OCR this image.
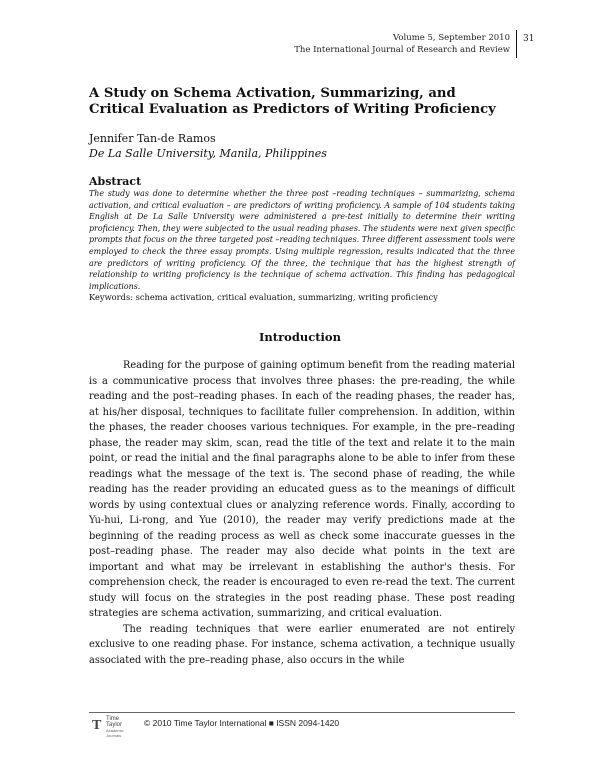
Volume 5, September 2010
The International Journal of Research and Review
31
A Study on Schema Activation, Summarizing, and Critical Evaluation as Predictors of Writing Proficiency
Jennifer Tan-de Ramos
De La Salle University, Manila, Philippines
Abstract

The study was done to determine whether the three post –reading techniques – summarizing, schema activation, and critical evaluation – are predictors of writing proficiency. A sample of 104 students taking English at De La Salle University were administered a pre-test initially to determine their writing proficiency. Then, they were subjected to the usual reading phases. The students were next given specific prompts that focus on the three targeted post –reading techniques. Three different assessment tools were employed to check the three essay prompts. Using multiple regression, results indicated that the three are predictors of writing proficiency. Of the three, the technique that has the highest strength of relationship to writing proficiency is the technique of schema activation. This finding has pedagogical implications.

Keywords: schema activation, critical evaluation, summarizing, writing proficiency
Introduction

Reading for the purpose of gaining optimum benefit from the reading material is a communicative process that involves three phases: the pre-reading, the while reading and the post–reading phases. In each of the reading phases, the reader has, at his/her disposal, techniques to facilitate fuller comprehension. In addition, within the phases, the reader chooses various techniques. For example, in the pre–reading phase, the reader may skim, scan, read the title of the text and relate it to the main point, or read the initial and the final paragraphs alone to be able to infer from these readings what the message of the text is. The second phase of reading, the while reading has the reader providing an educated guess as to the meanings of difficult words by using contextual clues or analyzing reference words. Finally, according to Yu-hui, Li-rong, and Yue (2010), the reader may verify predictions made at the beginning of the reading process as well as check some inaccurate guesses in the post–reading phase. The reader may also decide what points in the text are important and what may be irrelevant in establishing the author's thesis. For comprehension check, the reader is encouraged to even re-read the text. The current study will focus on the strategies in the post reading phase. These post reading strategies are schema activation, summarizing, and critical evaluation.

The reading techniques that were earlier enumerated are not entirely exclusive to one reading phase. For instance, schema activation, a technique usually associated with the pre–reading phase, also occurs in the while

T Time Taylor
Academic Journals
© 2010 Time Taylor International ■ ISSN 2094-1420
